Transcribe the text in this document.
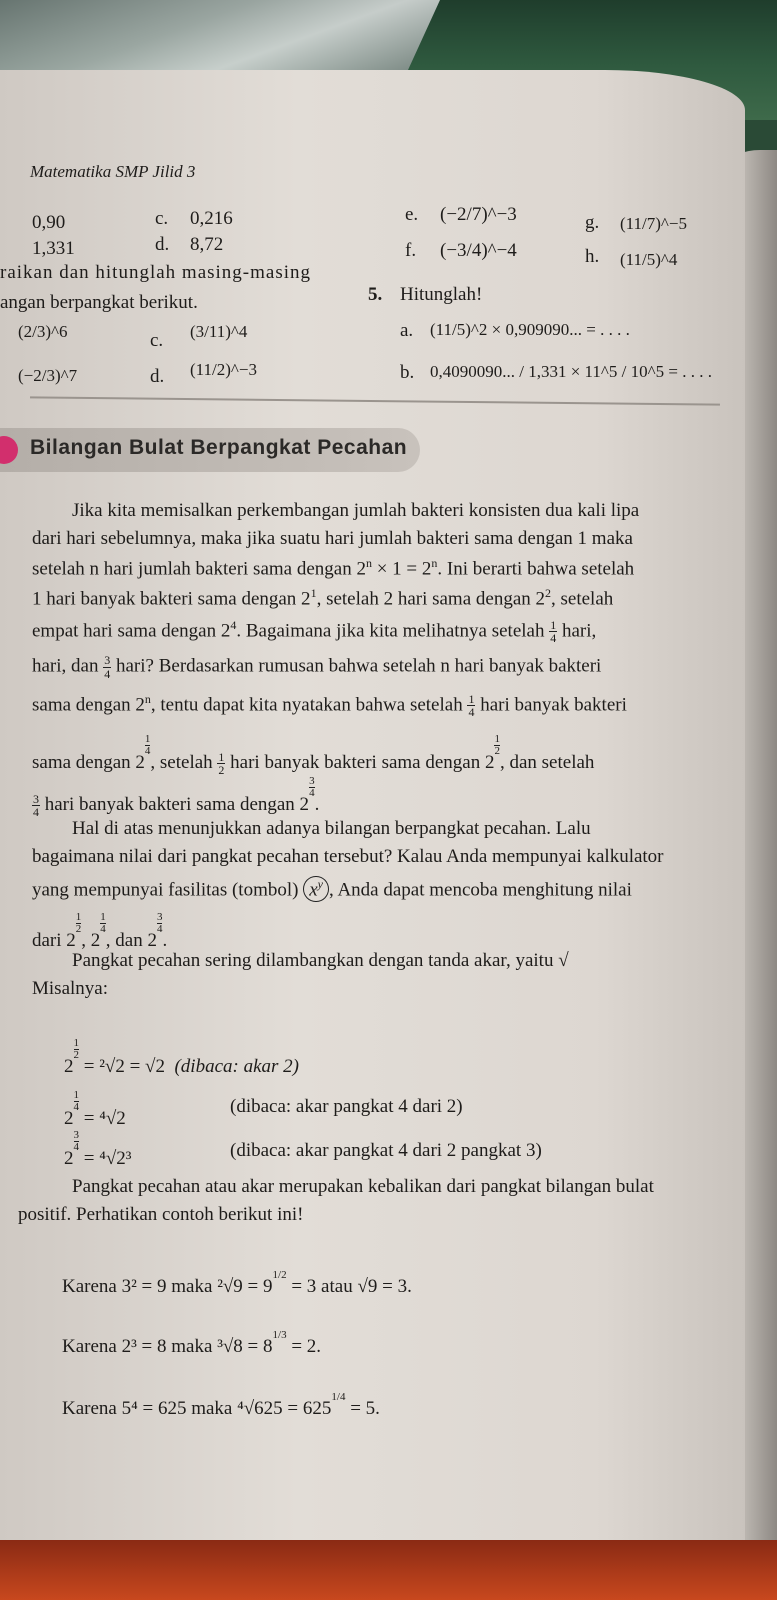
Matematika SMP Jilid 3
0,90
1,331
c. 0,216
d. 8,72
e. (−2/7)^−3
f. (−3/4)^−4
g. (11/7)^−5
h. (11/5)^4
raikan dan hitunglah masing-masing
angan berpangkat berikut.
(2/3)^6
(−2/3)^7
c. (3/11)^4
d. (11/2)^−3
5. Hitunglah!
a. (11/5)^2 × 0,909090... = . . . .
b. 0,4090090... / 1,331 × 11^5 / 10^5 = . . . .
Bilangan Bulat Berpangkat Pecahan
Jika kita memisalkan perkembangan jumlah bakteri konsisten dua kali lipa
dari hari sebelumnya, maka jika suatu hari jumlah bakteri sama dengan 1 maka
setelah n hari jumlah bakteri sama dengan $2^n \times 1 = 2^n$. Ini berarti bahwa setelah
1 hari banyak bakteri sama dengan $2^1$, setelah 2 hari sama dengan $2^2$, setelah
empat hari sama dengan $2^4$. Bagaimana jika kita melihatnya setelah $\frac{1}{4}$ hari,
hari, dan $\frac{3}{4}$ hari? Berdasarkan rumusan bahwa setelah n hari banyak bakteri
sama dengan 2$^n$, tentu dapat kita nyatakan bahwa setelah $\frac{1}{4}$ hari banyak bakteri
sama dengan 2
$\frac{1}{4}$, setelah $\frac{1}{2}$ hari banyak bakteri sama dengan 2
$\frac{1}{2}$, dan setelah
$\frac{3}{4}$ hari banyak bakteri sama dengan 2
$\frac{3}{4}$.
Hal di atas menunjukkan adanya bilangan berpangkat pecahan. Lalu
bagaimana nilai dari pangkat pecahan tersebut? Kalau Anda mempunyai kalkulator
yang mempunyai fasilitas (tombol) $x^y$ , Anda dapat mencoba menghitung nilai
dari 2
$\frac{1}{2}$, 2
$\frac{1}{4}$, dan 2
$\frac{3}{4}$.
Pangkat pecahan sering dilambangkan dengan tanda akar, yaitu √
Misalnya:
2
$\frac{1}{2} = ^2√2 = √2$ (dibaca: akar 2)
2
$\frac{1}{4} = ^4√2$
(dibaca: akar pangkat 4 dari 2)
2
$\frac{3}{4} = ^4√2^3$	(dibaca: akar pangkat 4 dari 2 pangkat 3)
Pangkat pecahan atau akar merupakan kebalikan dari pangkat bilangan bulat
positif. Perhatikan contoh berikut ini!
Karena 3² = 9 maka ²√9 = 91/2 = 3 atau √9 = 3.
Karena 2³ = 8 maka ³√8 = 81/3 = 2.
Karena 5⁴ = 625 maka ⁴√625 = 6251/4 = 5.
